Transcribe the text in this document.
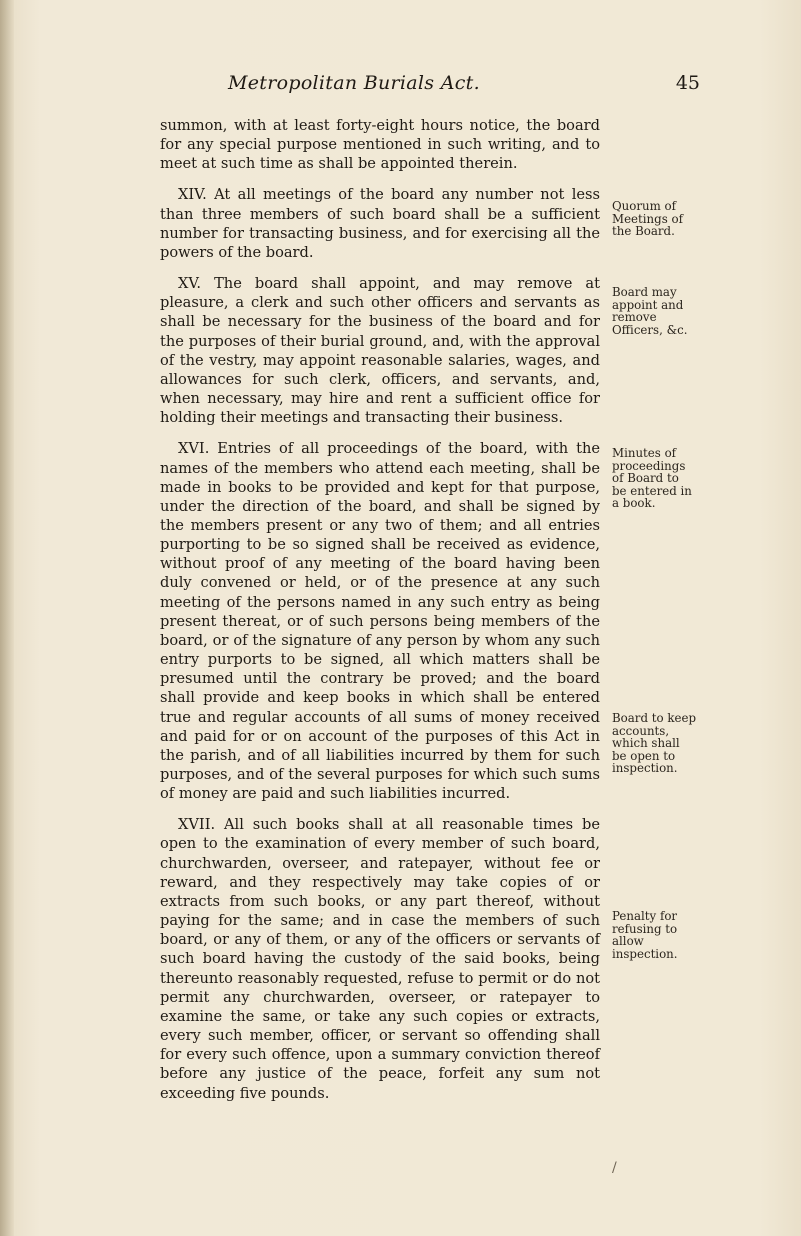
Metropolitan Burials Act.	45

summon, with at least forty-eight hours notice, the board for any special purpose mentioned in such writing, and to meet at such time as shall be appointed therein.

XIV. At all meetings of the board any number not less than three members of such board shall be a sufficient number for transacting business, and for exercising all the powers of the board.

XV. The board shall appoint, and may remove at pleasure, a clerk and such other officers and servants as shall be necessary for the business of the board and for the purposes of their burial ground, and, with the approval of the vestry, may appoint reasonable salaries, wages, and allowances for such clerk, officers, and servants, and, when necessary, may hire and rent a sufficient office for holding their meetings and transacting their business.

XVI. Entries of all proceedings of the board, with the names of the members who attend each meeting, shall be made in books to be provided and kept for that purpose, under the direction of the board, and shall be signed by the members present or any two of them; and all entries purporting to be so signed shall be received as evidence, without proof of any meeting of the board having been duly convened or held, or of the presence at any such meeting of the persons named in any such entry as being present thereat, or of such persons being members of the board, or of the signature of any person by whom any such entry purports to be signed, all which matters shall be presumed until the contrary be proved; and the board shall provide and keep books in which shall be entered true and regular accounts of all sums of money received and paid for or on account of the purposes of this Act in the parish, and of all liabilities incurred by them for such purposes, and of the several purposes for which such sums of money are paid and such liabilities incurred.

XVII. All such books shall at all reasonable times be open to the examination of every member of such board, churchwarden, overseer, and ratepayer, without fee or reward, and they respectively may take copies of or extracts from such books, or any part thereof, without paying for the same; and in case the members of such board, or any of them, or any of the officers or servants of such board having the custody of the said books, being thereunto reasonably requested, refuse to permit or do not permit any churchwarden, overseer, or ratepayer to examine the same, or take any such copies or extracts, every such member, officer, or servant so offending shall for every such offence, upon a summary conviction thereof before any justice of the peace, forfeit any sum not exceeding five pounds.

Quorum of Meetings of the Board.
Board may appoint and remove Officers, &c.
Minutes of proceedings of Board to be entered in a book.
Board to keep accounts, which shall be open to inspection.
Penalty for refusing to allow inspection.
/
